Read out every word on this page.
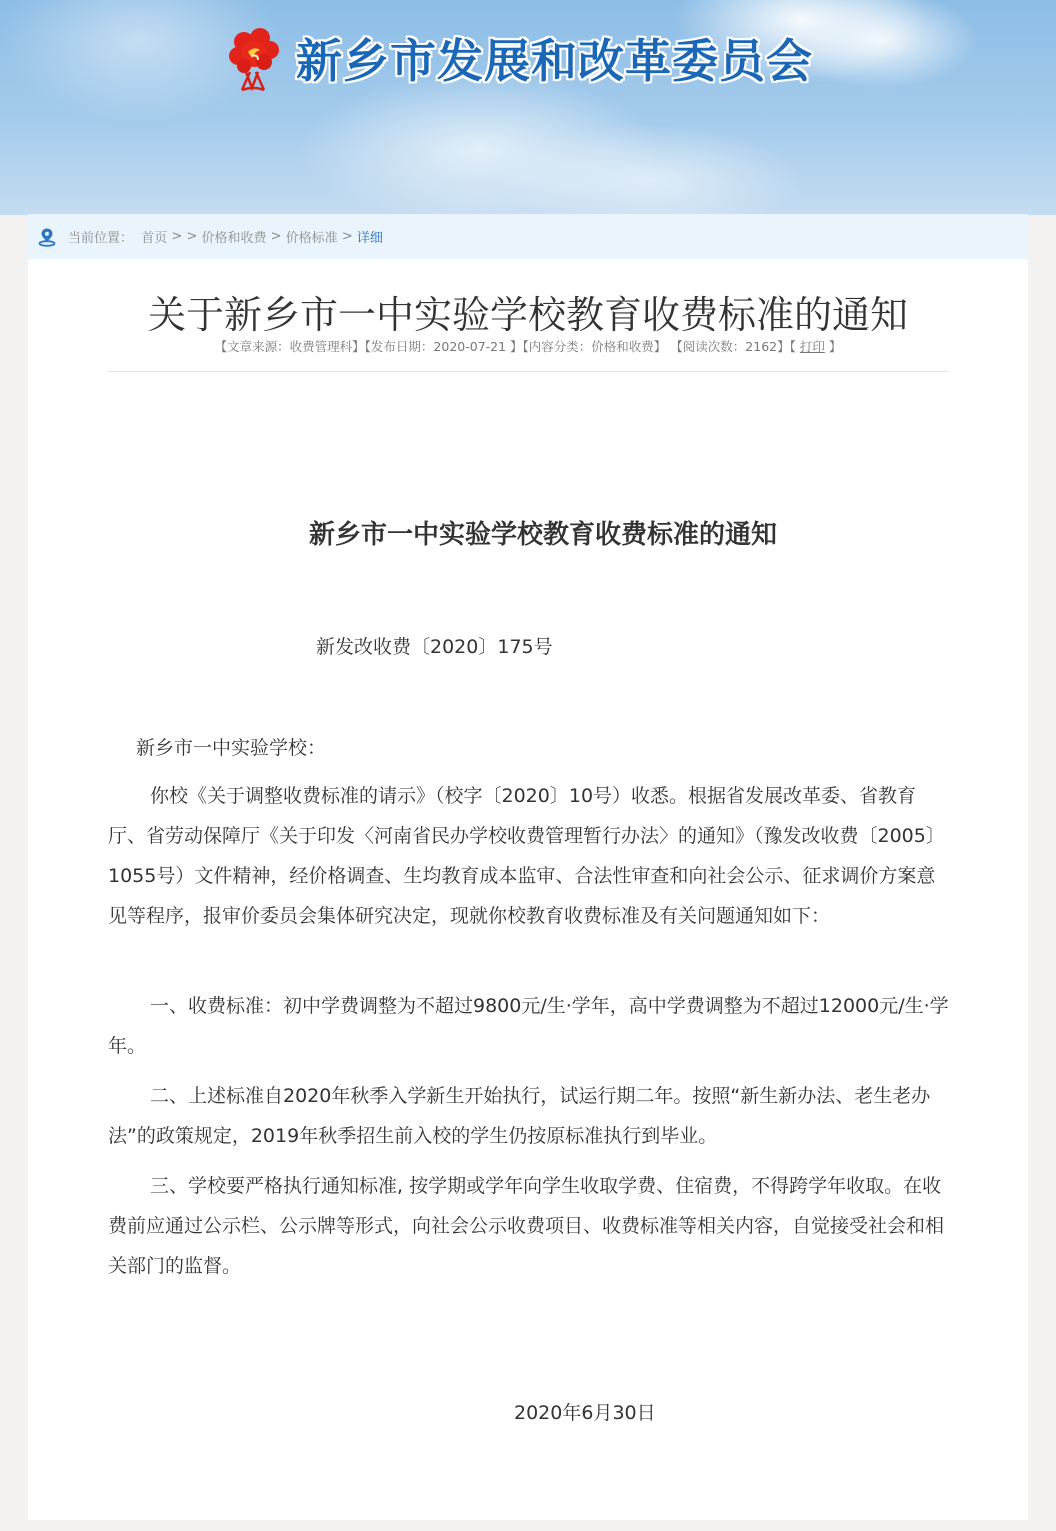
新乡市发展和改革委员会
当前位置：
首页 > > 价格和收费 > 价格标准 > 详细
关于新乡市一中实验学校教育收费标准的通知
【文章来源：收费管理科】【发布日期：2020-07-21 】【内容分类：价格和收费】 【阅读次数：2162】【 打印 】
新乡市一中实验学校教育收费标准的通知
新发改收费〔2020〕175号
新乡市一中实验学校：

你校《关于调整收费标准的请示》（校字〔2020〕10号）收悉。根据省发展改革委、省教育厅、省劳动保障厅《关于印发〈河南省民办学校收费管理暂行办法〉的通知》（豫发改收费〔2005〕1055号）文件精神，经价格调查、生均教育成本监审、合法性审查和向社会公示、征求调价方案意见等程序，报审价委员会集体研究决定，现就你校教育收费标准及有关问题通知如下：

一、收费标准：初中学费调整为不超过9800元/生·学年，高中学费调整为不超过12000元/生·学年。

二、上述标准自2020年秋季入学新生开始执行，试运行期二年。按照“新生新办法、老生老办法”的政策规定，2019年秋季招生前入校的学生仍按原标准执行到毕业。

三、学校要严格执行通知标准, 按学期或学年向学生收取学费、住宿费，不得跨学年收取。在收费前应通过公示栏、公示牌等形式，向社会公示收费项目、收费标准等相关内容，自觉接受社会和相关部门的监督。

2020年6月30日
